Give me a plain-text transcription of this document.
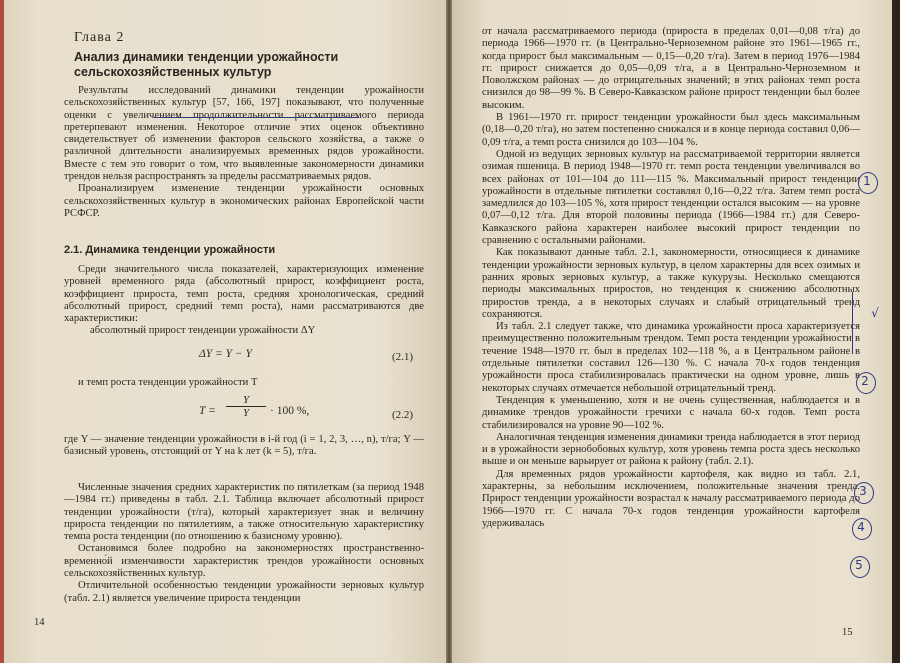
Глава 2
Анализ динамики тенденции урожайности сельскохозяйственных культур

Результаты исследований динамики тенденции урожайности сельскохозяйственных культур [57, 166, 197] показывают, что полученные оценки с увеличением продолжительности рассматриваемого периода претерпевают изменения. Некоторое отличие этих оценок объективно свидетельствует об изменении факторов сельского хозяйства, а также о различной длительности анализируемых временных рядов урожайности. Вместе с тем это говорит о том, что выявленные закономерности динамики трендов нельзя распространять за пределы рассматриваемых рядов.

Проанализируем изменение тенденции урожайности основных сельскохозяйственных культур в экономических районах Европейской части РСФСР.

2.1. Динамика тенденции урожайности

Среди значительного числа показателей, характеризующих изменение уровней временно́го ряда (абсолютный прирост, коэффициент роста, коэффициент прироста, темп роста, средняя хронологическая, средний абсолютный прирост, средний темп роста), нами рассматриваются две характеристики:

абсолютный прирост тенденции урожайности ΔY

ΔY = Y − Y	(2.1)
и темп роста тенденции урожайности T
$T = \frac{Y}{Y} \cdot 100$ %,	(2.2)

где Y — значение тенденции урожайности в i-й год (i = 1, 2, 3, …, n), т/га; Y — базисный уровень, отстоящий от Y на k лет (k = 5), т/га.

Численные значения средних характеристик по пятилеткам (за период 1948—1984 гг.) приведены в табл. 2.1. Таблица включает абсолютный прирост тенденции урожайности (т/га), который характеризует знак и величину прироста тенденции по пятилетиям, а также относительную характеристику темпа роста тенденции (по отношению к базисному уровню).

Остановимся более подробно на закономерностях пространственно-временно́й изменчивости характеристик трендов урожайности основных сельскохозяйственных культур.

Отличительной особенностью тенденции урожайности зерновых культур (табл. 2.1) является увеличение прироста тенденции

14

от начала рассматриваемого периода (прироста в пределах 0,01—0,08 т/га) до периода 1966—1970 гг. (в Центрально-Черноземном районе это 1961—1965 гг., когда прирост был максимальным — 0,15—0,20 т/га). Затем в период 1976—1984 гг. прирост снижается до 0,05—0,09 т/га, а в Центрально-Черноземном и Поволжском районах — до отрицательных значений; в этих районах темп роста снизился до 98—99 %. В Северо-Кавказском районе прирост тенденции был более высоким.

В 1961—1970 гг. прирост тенденции урожайности был здесь максимальным (0,18—0,20 т/га), но затем постепенно снижался и в конце периода составил 0,06—0,09 т/га, а темп роста снизился до 103—104 %.

Одной из ведущих зерновых культур на рассматриваемой территории является озимая пшеница. В период 1948—1970 гг. темп роста тенденции увеличивался во всех районах от 101—104 до 111—115 %. Максимальный прирост тенденции урожайности в отдельные пятилетки составлял 0,16—0,22 т/га. Затем темп роста замедлился до 103—105 %, хотя прирост тенденции остался высоким — на уровне 0,07—0,12 т/га. Для второй половины периода (1966—1984 гг.) для Северо-Кавказского района характерен наиболее высокий прирост тенденции по сравнению с остальными районами.

Как показывают данные табл. 2.1, закономерности, относящиеся к динамике тенденции урожайности зерновых культур, в целом характерны для всех озимых и ранних яровых зерновых культур, а также кукурузы. Несколько смещаются периоды максимальных приростов, но тенденция к снижению абсолютных приростов тренда, а в некоторых случаях и слабый отрицательный тренд сохраняются.

Из табл. 2.1 следует также, что динамика урожайности проса характеризуется преимущественно положительным трендом. Темп роста тенденции урожайности в течение 1948—1970 гг. был в пределах 102—118 %, а в Центральном районе в отдельные пятилетки составил 126—130 %. С начала 70-х годов тенденция урожайности проса стабилизировалась практически на одном уровне, лишь в некоторых случаях отмечается небольшой отрицательный тренд.

Тенденция к уменьшению, хотя и не очень существенная, наблюдается и в динамике трендов урожайности гречихи с начала 60-х годов. Темп роста стабилизировался на уровне 90—102 %.

Аналогичная тенденция изменения динамики тренда наблюдается в этот период и в урожайности зернобобовых культур, хотя уровень темпа роста здесь несколько выше и он меньше варьирует от района к району (табл. 2.1).

Для временных рядов урожайности картофеля, как видно из табл. 2.1, характерны, за небольшим исключением, положительные значения тренда. Прирост тенденции урожайности возрастал к началу рассматриваемого периода до 1966—1970 гг. С начала 70-х годов тенденция урожайности картофеля удерживалась

15
1
√
2
3
4
5
